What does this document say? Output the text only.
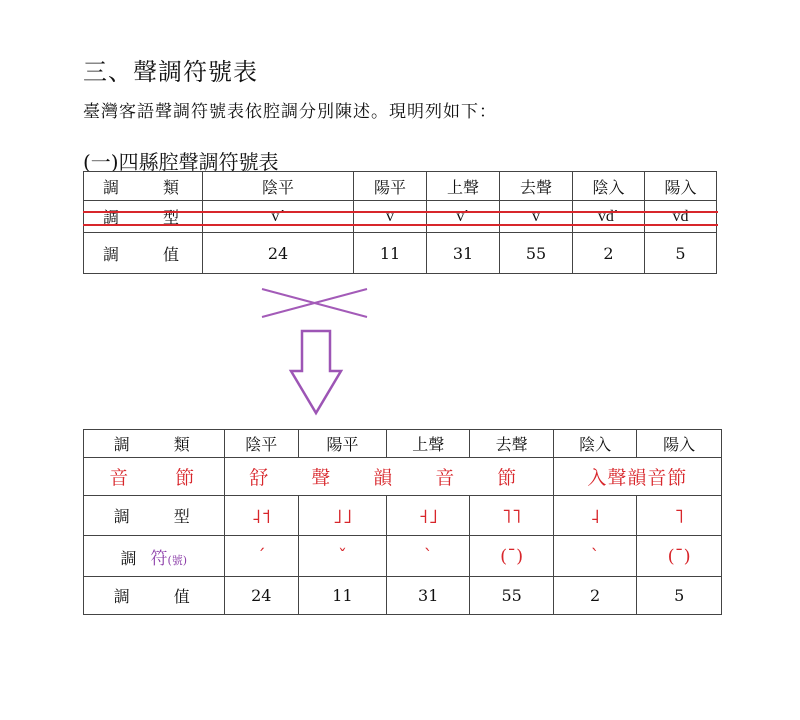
三、聲調符號表
臺灣客語聲調符號表依腔調分別陳述。現明列如下：
(一)四縣腔聲調符號表
調　類	陰平	陽平	上聲	去聲	陰入	陽入
調　型	v´	v	v`	v	vd`	vd
調　值	24	11	31	55	2	5
調　類	陰平	陽平	上聲	去聲	陰入	陽入
音　節	舒　聲　韻　音　節				入聲韻音節	
調　型	˨˦	˩˩	˧˩	˥˥	˨	˥
調 符(號)	ˊ	ˇ	ˋ	(ˉ)	ˋ	(ˉ)
調　值	24	11	31	55	2	5
